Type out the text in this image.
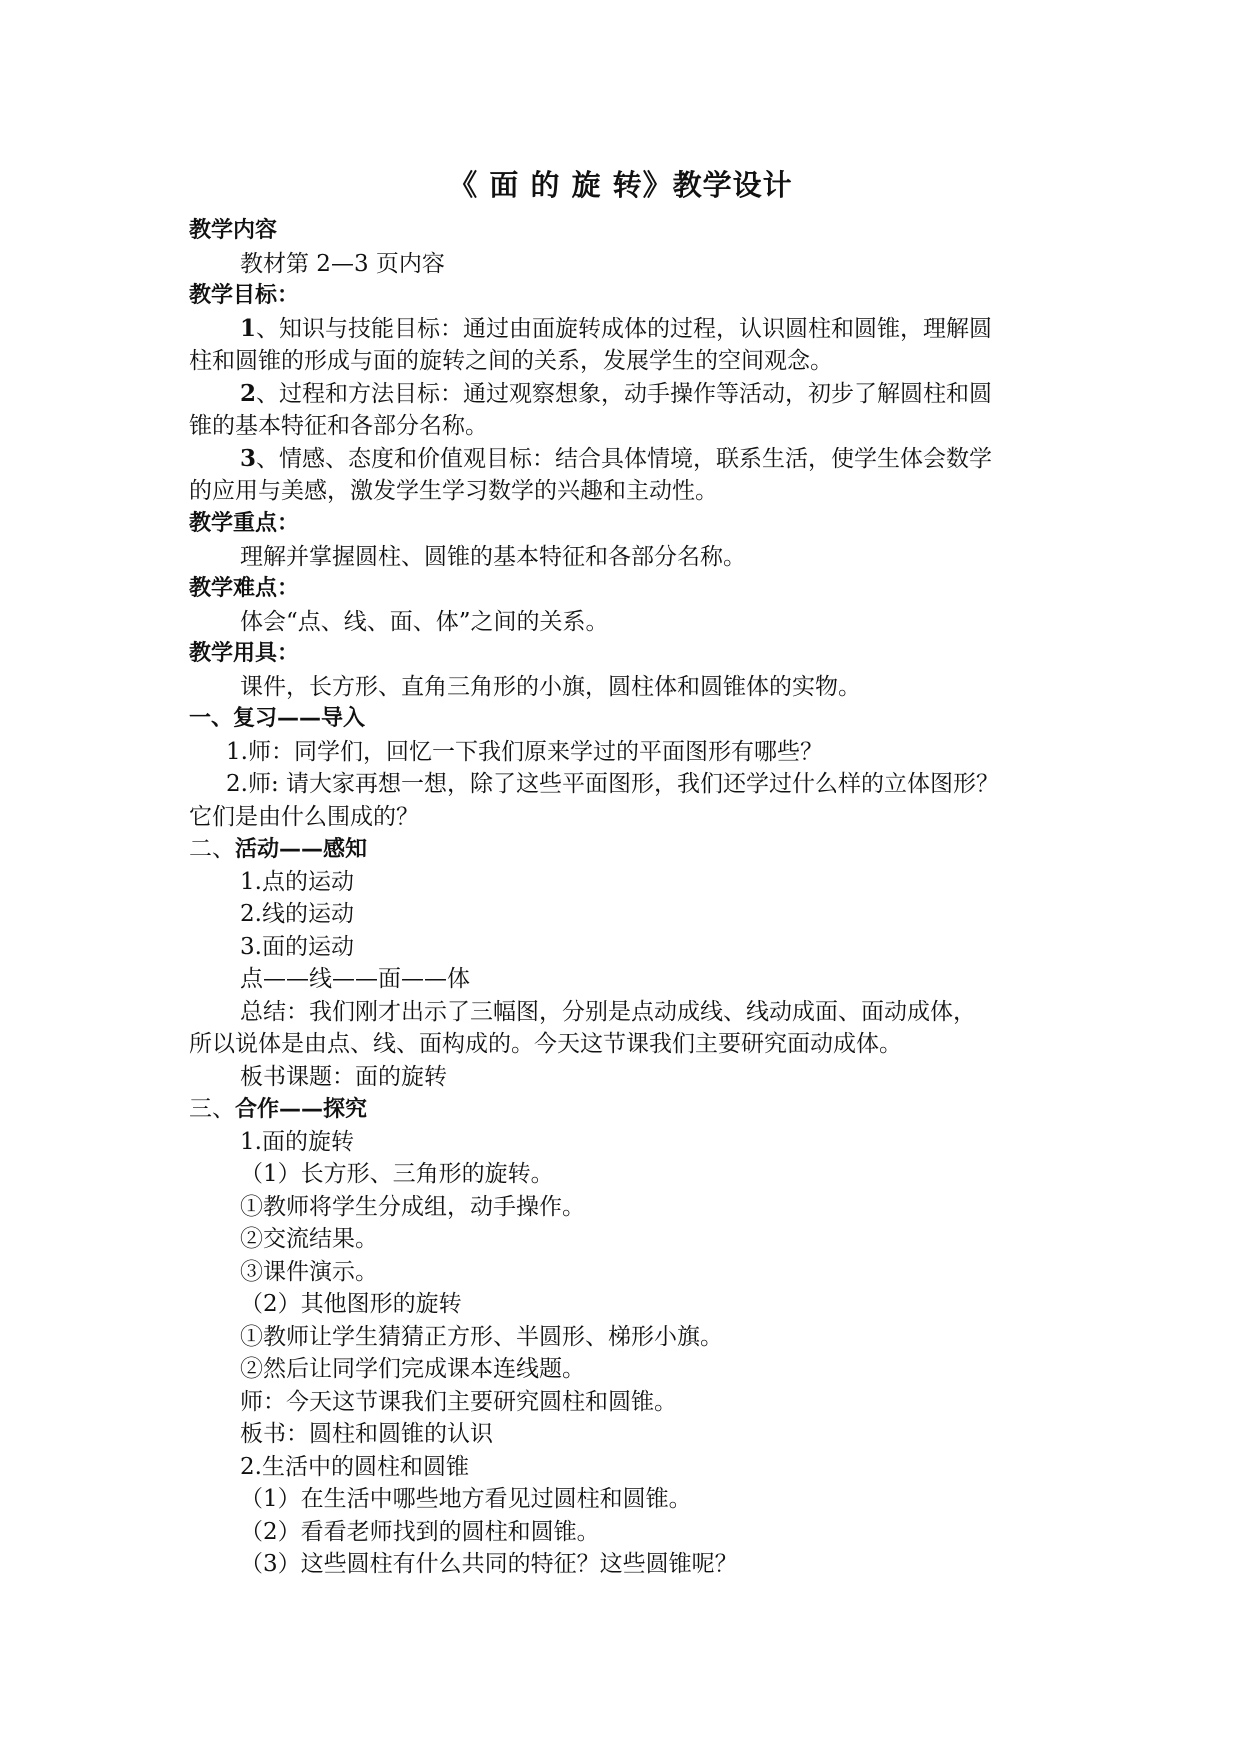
《 面 的 旋 转》教学设计
教学内容
教材第 2—3 页内容
教学目标：
1、知识与技能目标：通过由面旋转成体的过程，认识圆柱和圆锥，理解圆
柱和圆锥的形成与面的旋转之间的关系，发展学生的空间观念。
2、过程和方法目标：通过观察想象，动手操作等活动，初步了解圆柱和圆
锥的基本特征和各部分名称。
3、情感、态度和价值观目标：结合具体情境，联系生活，使学生体会数学
的应用与美感，激发学生学习数学的兴趣和主动性。
教学重点：
理解并掌握圆柱、圆锥的基本特征和各部分名称。
教学难点：
体会“点、线、面、体”之间的关系。
教学用具：
课件，长方形、直角三角形的小旗，圆柱体和圆锥体的实物。
一、复习——导入
1.师：同学们，回忆一下我们原来学过的平面图形有哪些？
2.师: 请大家再想一想，除了这些平面图形，我们还学过什么样的立体图形？
它们是由什么围成的？
二、活动——感知
1.点的运动
2.线的运动
3.面的运动
点——线——面——体
总结：我们刚才出示了三幅图，分别是点动成线、线动成面、面动成体，
所以说体是由点、线、面构成的。今天这节课我们主要研究面动成体。
板书课题：面的旋转
三、合作——探究
1.面的旋转
（1）长方形、三角形的旋转。
①教师将学生分成组，动手操作。
②交流结果。
③课件演示。
（2）其他图形的旋转
①教师让学生猜猜正方形、半圆形、梯形小旗。
②然后让同学们完成课本连线题。
师：今天这节课我们主要研究圆柱和圆锥。
板书：圆柱和圆锥的认识
2.生活中的圆柱和圆锥
（1）在生活中哪些地方看见过圆柱和圆锥。
（2）看看老师找到的圆柱和圆锥。
（3）这些圆柱有什么共同的特征？这些圆锥呢？
